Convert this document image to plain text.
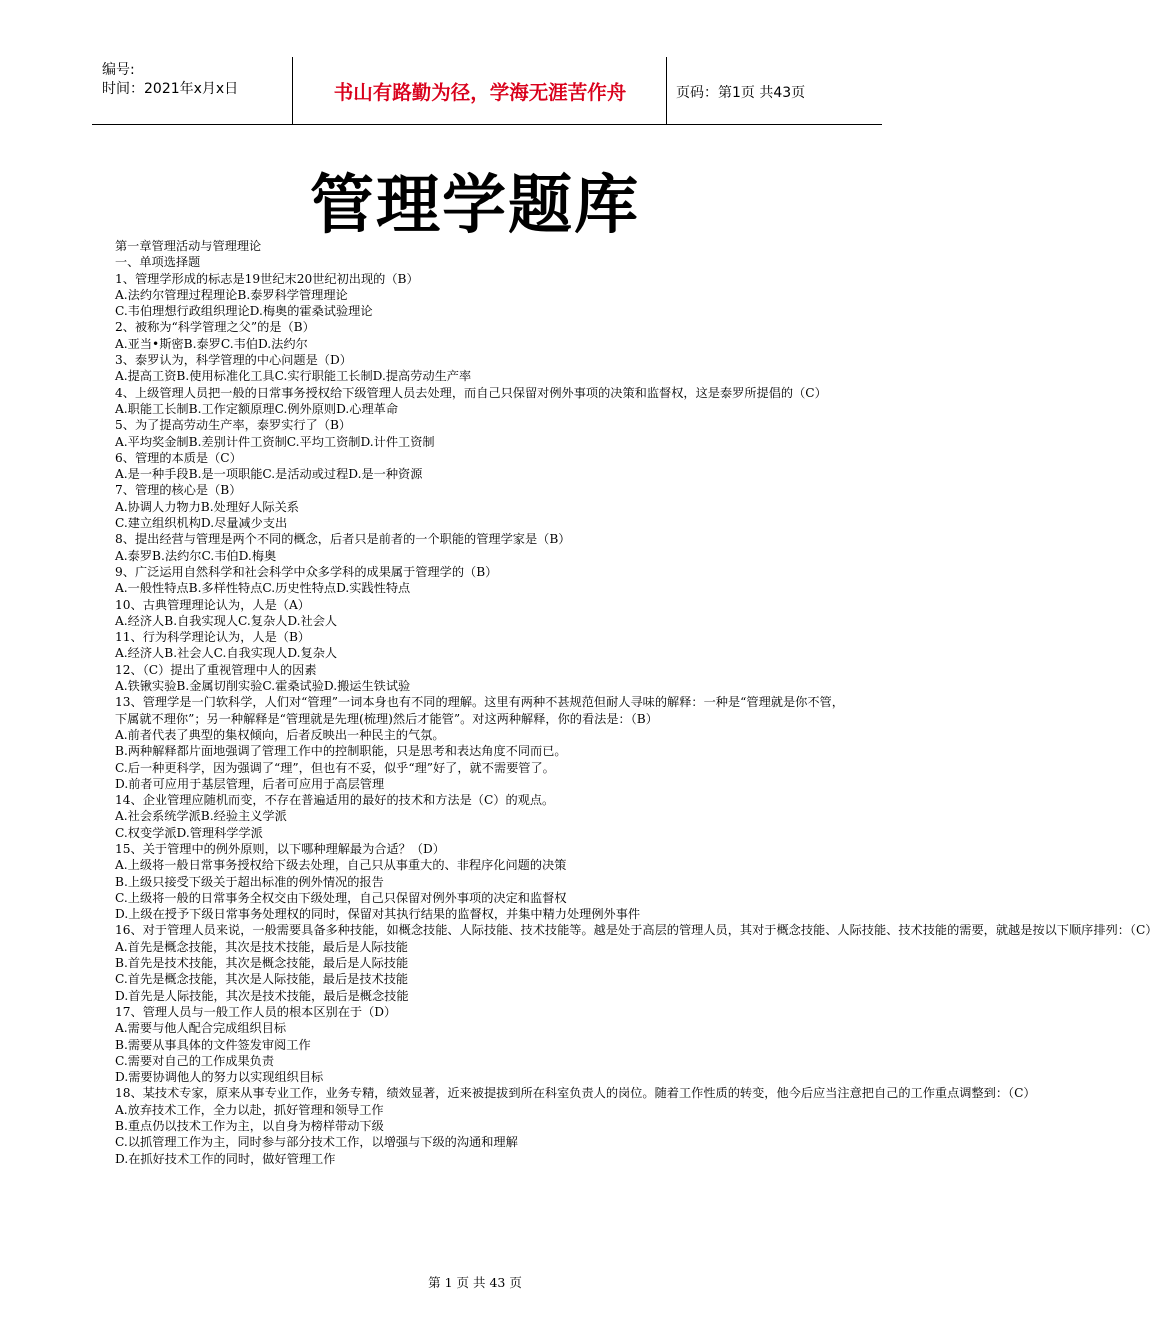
编号:
时间：2021年x月x日	书山有路勤为径，学海无涯苦作舟	页码：第1页 共43页
管理学题库
第一章管理活动与管理理论
一、单项选择题
1、管理学形成的标志是19世纪末20世纪初出现的（B）
A.法约尔管理过程理论B.泰罗科学管理理论
C.韦伯理想行政组织理论D.梅奥的霍桑试验理论
2、被称为“科学管理之父”的是（B）
A.亚当•斯密B.泰罗C.韦伯D.法约尔
3、泰罗认为，科学管理的中心问题是（D）
A.提高工资B.使用标准化工具C.实行职能工长制D.提高劳动生产率
4、上级管理人员把一般的日常事务授权给下级管理人员去处理，而自己只保留对例外事项的决策和监督权，这是泰罗所提倡的（C）
A.职能工长制B.工作定额原理C.例外原则D.心理革命
5、为了提高劳动生产率，泰罗实行了（B）
A.平均奖金制B.差别计件工资制C.平均工资制D.计件工资制
6、管理的本质是（C）
A.是一种手段B.是一项职能C.是活动或过程D.是一种资源
7、管理的核心是（B）
A.协调人力物力B.处理好人际关系
C.建立组织机构D.尽量减少支出
8、提出经营与管理是两个不同的概念，后者只是前者的一个职能的管理学家是（B）
A.泰罗B.法约尔C.韦伯D.梅奥
9、广泛运用自然科学和社会科学中众多学科的成果属于管理学的（B）
A.一般性特点B.多样性特点C.历史性特点D.实践性特点
10、古典管理理论认为，人是（A）
A.经济人B.自我实现人C.复杂人D.社会人
11、行为科学理论认为，人是（B）
A.经济人B.社会人C.自我实现人D.复杂人
12、（C）提出了重视管理中人的因素
A.铁锹实验B.金属切削实验C.霍桑试验D.搬运生铁试验
13、管理学是一门软科学，人们对“管理”一词本身也有不同的理解。这里有两种不甚规范但耐人寻味的解释：一种是“管理就是你不管，下属就不理你”；另一种解释是“管理就是先理(梳理)然后才能管”。对这两种解释，你的看法是：（B）
A.前者代表了典型的集权倾向，后者反映出一种民主的气氛。
B.两种解释都片面地强调了管理工作中的控制职能，只是思考和表达角度不同而已。
C.后一种更科学，因为强调了“理”，但也有不妥，似乎“理”好了，就不需要管了。
D.前者可应用于基层管理，后者可应用于高层管理
14、企业管理应随机而变，不存在普遍适用的最好的技术和方法是（C）的观点。
A.社会系统学派B.经验主义学派
C.权变学派D.管理科学学派
15、关于管理中的例外原则，以下哪种理解最为合适？（D）
A.上级将一般日常事务授权给下级去处理，自己只从事重大的、非程序化问题的决策
B.上级只接受下级关于超出标准的例外情况的报告
C.上级将一般的日常事务全权交由下级处理，自己只保留对例外事项的决定和监督权
D.上级在授予下级日常事务处理权的同时，保留对其执行结果的监督权，并集中精力处理例外事件
16、对于管理人员来说，一般需要具备多种技能，如概念技能、人际技能、技术技能等。越是处于高层的管理人员，其对于概念技能、人际技能、技术技能的需要，就越是按以下顺序排列：（C）
A.首先是概念技能，其次是技术技能，最后是人际技能
B.首先是技术技能，其次是概念技能，最后是人际技能
C.首先是概念技能，其次是人际技能，最后是技术技能
D.首先是人际技能，其次是技术技能，最后是概念技能
17、管理人员与一般工作人员的根本区别在于（D）
A.需要与他人配合完成组织目标
B.需要从事具体的文件签发审阅工作
C.需要对自己的工作成果负责
D.需要协调他人的努力以实现组织目标
18、某技术专家，原来从事专业工作，业务专精，绩效显著，近来被提拔到所在科室负责人的岗位。随着工作性质的转变，他今后应当注意把自己的工作重点调整到：（C）
A.放弃技术工作，全力以赴，抓好管理和领导工作
B.重点仍以技术工作为主，以自身为榜样带动下级
C.以抓管理工作为主，同时参与部分技术工作，以增强与下级的沟通和理解
D.在抓好技术工作的同时，做好管理工作
第 1 页 共 43 页
